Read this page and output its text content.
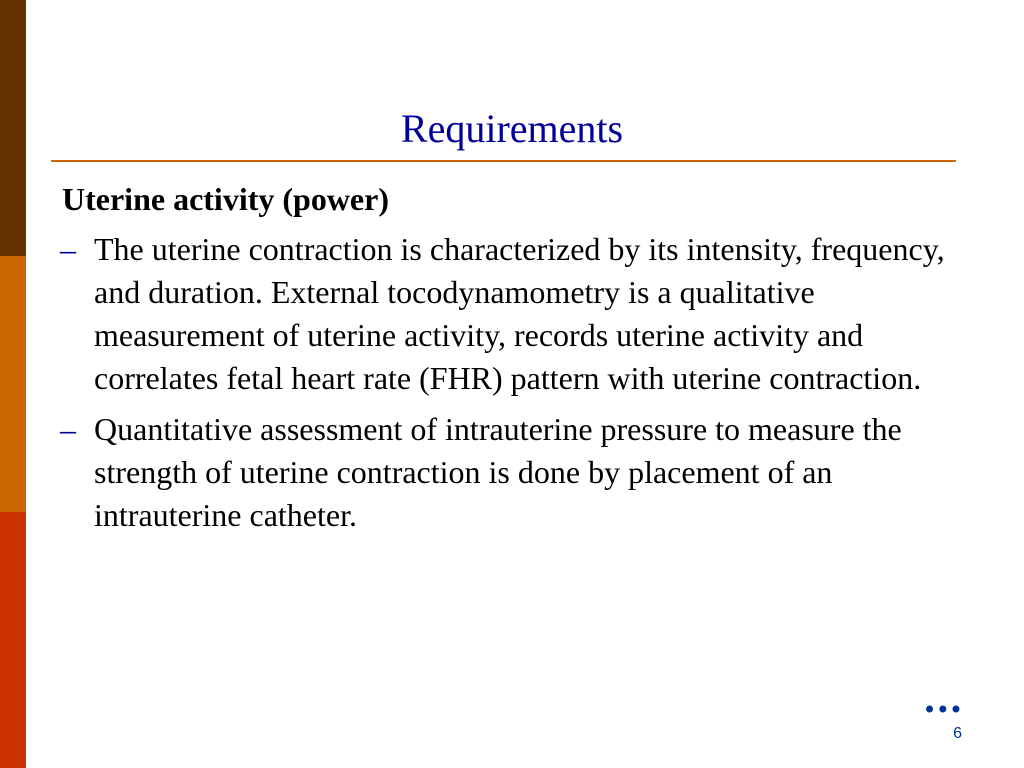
Requirements
Uterine activity (power)
– The uterine contraction is characterized by its intensity, frequency, and duration. External tocodynamometry is a qualitative measurement of uterine activity, records uterine activity and correlates fetal heart rate (FHR) pattern with uterine contraction.
– Quantitative assessment of intrauterine pressure to measure the strength of uterine contraction is done by placement of an intrauterine catheter.
•••
6
